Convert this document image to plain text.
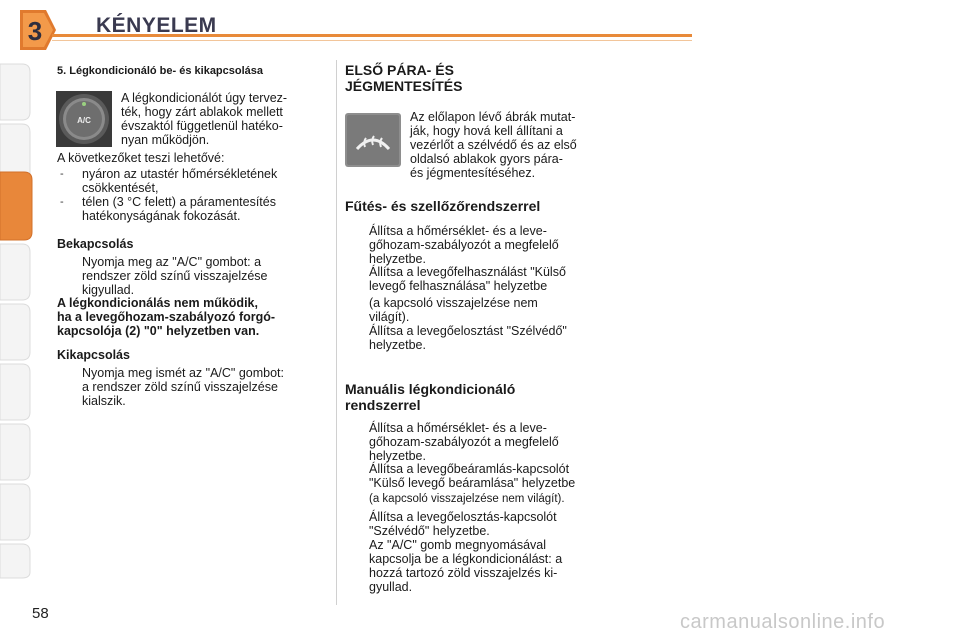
3	KÉNYELEM
5. Légkondicionáló be- és kikapcsolása
A/C
A légkondicionálót úgy tervez-
ték, hogy zárt ablakok mellett
évszaktól függetlenül hatéko-
nyan működjön.
A következőket teszi lehetővé:
- nyáron az utastér hőmérsékletének
csökkentését,
- télen (3 °C felett) a páramentesítés
hatékonyságának fokozását.
Bekapcsolás
Nyomja meg az "A/C" gombot: a
rendszer zöld színű visszajelzése
kigyullad.
A légkondicionálás nem működik,
ha a levegőhozam-szabályozó forgó-
kapcsolója (2) "0" helyzetben van.
Kikapcsolás
Nyomja meg ismét az "A/C" gombot:
a rendszer zöld színű visszajelzése
kialszik.
ELSŐ PÁRA- ÉS
JÉGMENTESÍTÉS
Az előlapon lévő ábrák mutat-
ják, hogy hová kell állítani a
vezérlőt a szélvédő és az első
oldalsó ablakok gyors pára-
és jégmentesítéséhez.
Fűtés- és szellőzőrendszerrel
Állítsa a hőmérséklet- és a leve-
gőhozam-szabályozót a megfelelő
helyzetbe.
Állítsa a levegőfelhasználást "Külső
levegő felhasználása" helyzetbe
(a kapcsoló visszajelzése nem
világít).
Állítsa a levegőelosztást "Szélvédő"
helyzetbe.
Manuális légkondicionáló
rendszerrel
Állítsa a hőmérséklet- és a leve-
gőhozam-szabályozót a megfelelő
helyzetbe.
Állítsa a levegőbeáramlás-kapcsolót
"Külső levegő beáramlása" helyzetbe
(a kapcsoló visszajelzése nem világít).
Állítsa a levegőelosztás-kapcsolót
"Szélvédő" helyzetbe.
Az "A/C" gomb megnyomásával
kapcsolja be a légkondicionálást: a
hozzá tartozó zöld visszajelzés ki-
gyullad.
58	carmanualsonline.info
